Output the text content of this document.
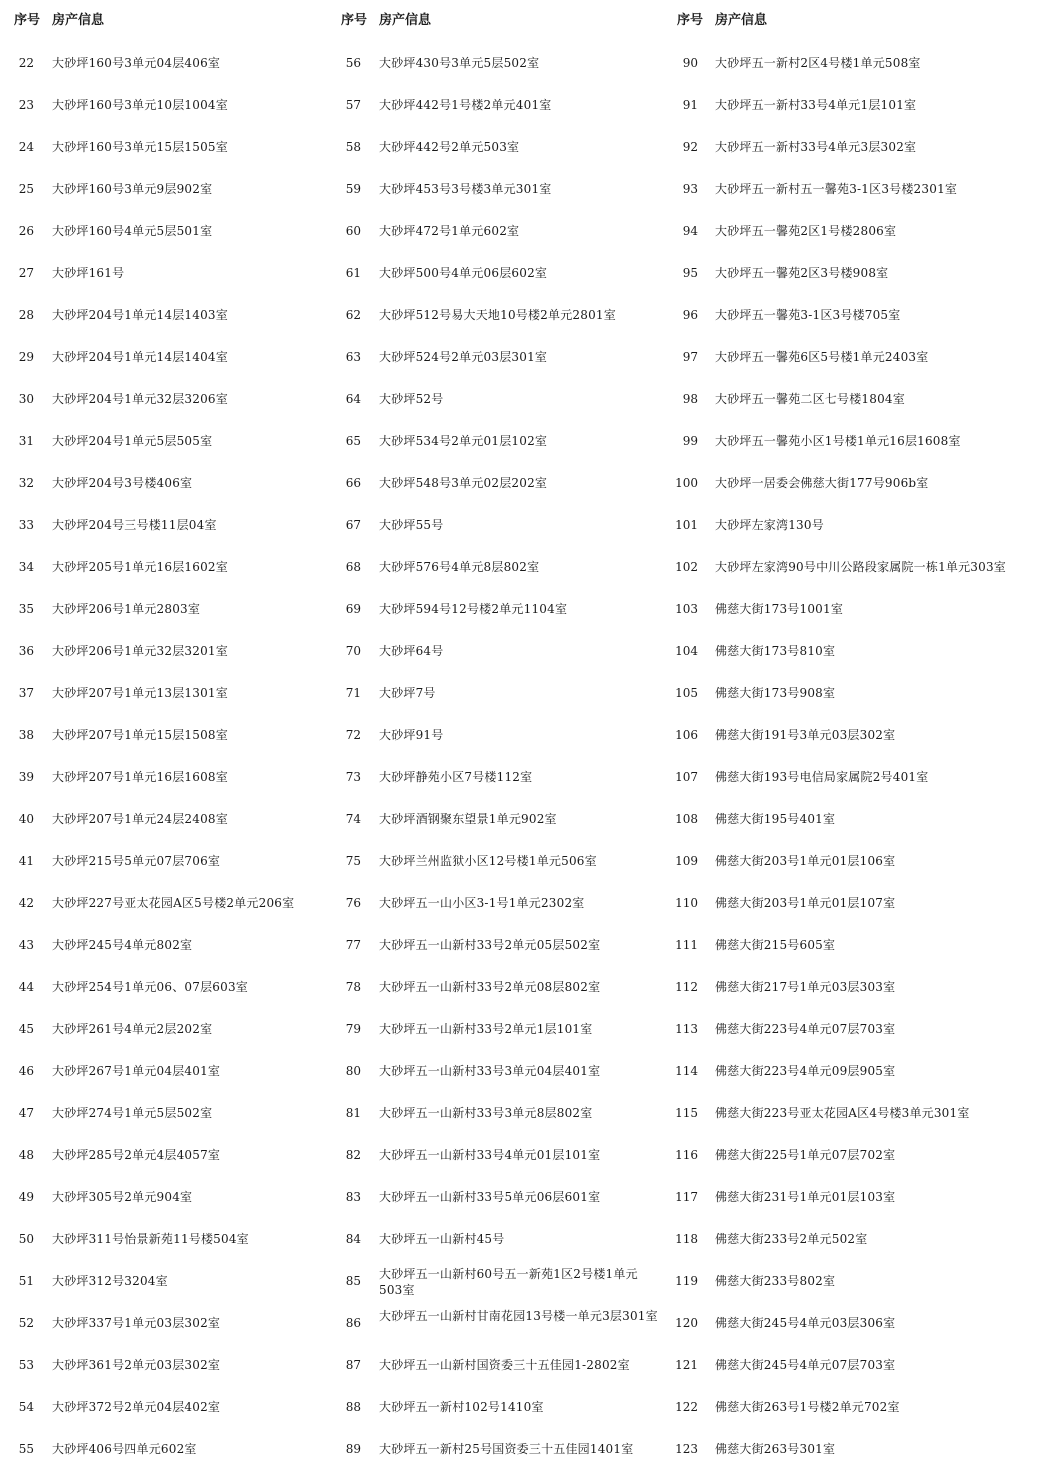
序号 房产信息
22 大砂坪160号3单元04层406室
23 大砂坪160号3单元10层1004室
24 大砂坪160号3单元15层1505室
25 大砂坪160号3单元9层902室
26 大砂坪160号4单元5层501室
27 大砂坪161号
28 大砂坪204号1单元14层1403室
29 大砂坪204号1单元14层1404室
30 大砂坪204号1单元32层3206室
31 大砂坪204号1单元5层505室
32 大砂坪204号3号楼406室
33 大砂坪204号三号楼11层04室
34 大砂坪205号1单元16层1602室
35 大砂坪206号1单元2803室
36 大砂坪206号1单元32层3201室
37 大砂坪207号1单元13层1301室
38 大砂坪207号1单元15层1508室
39 大砂坪207号1单元16层1608室
40 大砂坪207号1单元24层2408室
41 大砂坪215号5单元07层706室
42 大砂坪227号亚太花园A区5号楼2单元206室
43 大砂坪245号4单元802室
44 大砂坪254号1单元06、07层603室
45 大砂坪261号4单元2层202室
46 大砂坪267号1单元04层401室
47 大砂坪274号1单元5层502室
48 大砂坪285号2单元4层4057室
49 大砂坪305号2单元904室
50 大砂坪311号怡景新苑11号楼504室
51 大砂坪312号3204室
52 大砂坪337号1单元03层302室
53 大砂坪361号2单元03层302室
54 大砂坪372号2单元04层402室
55 大砂坪406号四单元602室
序号 房产信息
56 大砂坪430号3单元5层502室
57 大砂坪442号1号楼2单元401室
58 大砂坪442号2单元503室
59 大砂坪453号3号楼3单元301室
60 大砂坪472号1单元602室
61 大砂坪500号4单元06层602室
62 大砂坪512号易大天地10号楼2单元2801室
63 大砂坪524号2单元03层301室
64 大砂坪52号
65 大砂坪534号2单元01层102室
66 大砂坪548号3单元02层202室
67 大砂坪55号
68 大砂坪576号4单元8层802室
69 大砂坪594号12号楼2单元1104室
70 大砂坪64号
71 大砂坪7号
72 大砂坪91号
73 大砂坪静苑小区7号楼112室
74 大砂坪酒钢聚东望景1单元902室
75 大砂坪兰州监狱小区12号楼1单元506室
76 大砂坪五一山小区3-1号1单元2302室
77 大砂坪五一山新村33号2单元05层502室
78 大砂坪五一山新村33号2单元08层802室
79 大砂坪五一山新村33号2单元1层101室
80 大砂坪五一山新村33号3单元04层401室
81 大砂坪五一山新村33号3单元8层802室
82 大砂坪五一山新村33号4单元01层101室
83 大砂坪五一山新村33号5单元06层601室
84 大砂坪五一山新村45号
85 大砂坪五一山新村60号五一新苑1区2号楼1单元503室
86 大砂坪五一山新村甘南花园13号楼一单元3层301室
87 大砂坪五一山新村国资委三十五佳园1-2802室
88 大砂坪五一新村102号1410室
89 大砂坪五一新村25号国资委三十五佳园1401室
序号 房产信息
90 大砂坪五一新村2区4号楼1单元508室
91 大砂坪五一新村33号4单元1层101室
92 大砂坪五一新村33号4单元3层302室
93 大砂坪五一新村五一馨苑3-1区3号楼2301室
94 大砂坪五一馨苑2区1号楼2806室
95 大砂坪五一馨苑2区3号楼908室
96 大砂坪五一馨苑3-1区3号楼705室
97 大砂坪五一馨苑6区5号楼1单元2403室
98 大砂坪五一馨苑二区七号楼1804室
99 大砂坪五一馨苑小区1号楼1单元16层1608室
100 大砂坪一居委会佛慈大街177号906b室
101 大砂坪左家湾130号
102 大砂坪左家湾90号中川公路段家属院一栋1单元303室
103 佛慈大街173号1001室
104 佛慈大街173号810室
105 佛慈大街173号908室
106 佛慈大街191号3单元03层302室
107 佛慈大街193号电信局家属院2号401室
108 佛慈大街195号401室
109 佛慈大街203号1单元01层106室
110 佛慈大街203号1单元01层107室
111 佛慈大街215号605室
112 佛慈大街217号1单元03层303室
113 佛慈大街223号4单元07层703室
114 佛慈大街223号4单元09层905室
115 佛慈大街223号亚太花园A区4号楼3单元301室
116 佛慈大街225号1单元07层702室
117 佛慈大街231号1单元01层103室
118 佛慈大街233号2单元502室
119 佛慈大街233号802室
120 佛慈大街245号4单元03层306室
121 佛慈大街245号4单元07层703室
122 佛慈大街263号1号楼2单元702室
123 佛慈大街263号301室
